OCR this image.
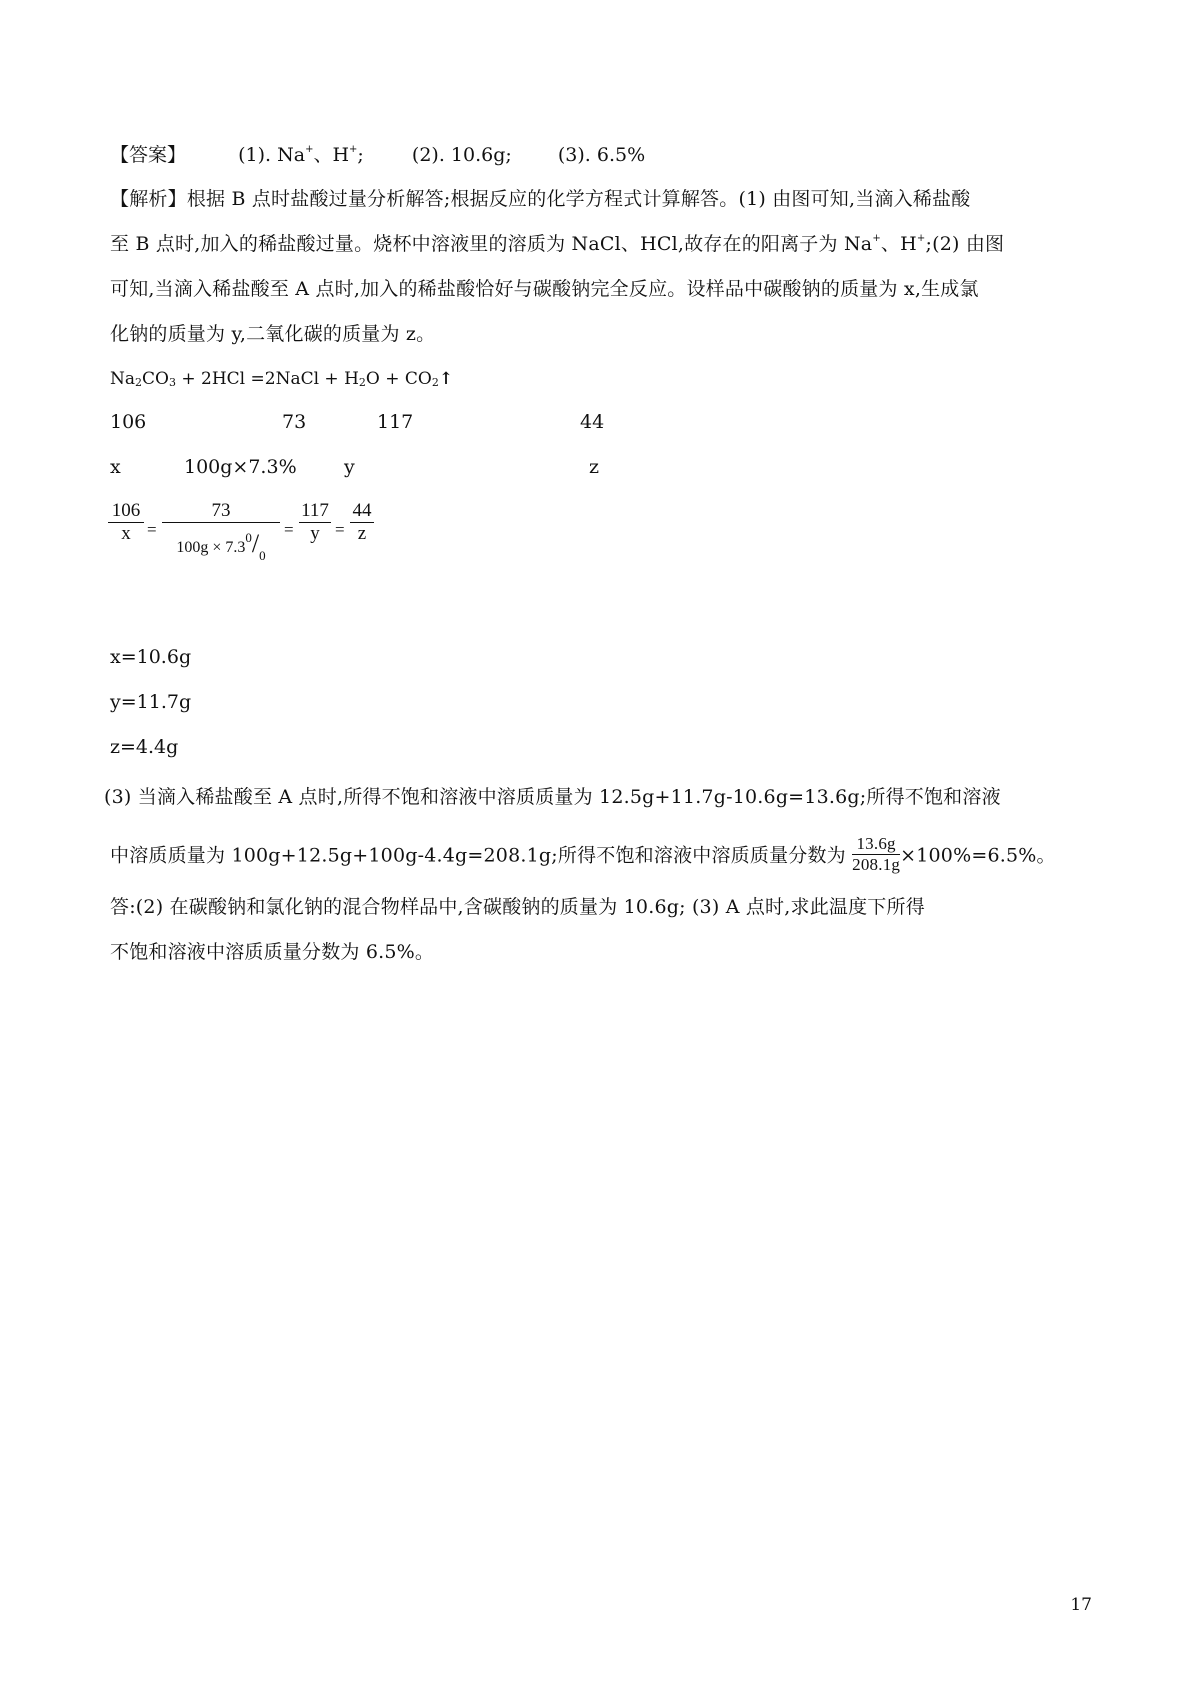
【答案】	(1). Na+、H+;	(2). 10.6g; (3). 6.5%
【解析】根据 B 点时盐酸过量分析解答;根据反应的化学方程式计算解答。(1) 由图可知,当滴入稀盐酸
至 B 点时,加入的稀盐酸过量。烧杯中溶液里的溶质为 NaCl、HCl,故存在的阳离子为 Na+、H+;(2) 由图
可知,当滴入稀盐酸至 A 点时,加入的稀盐酸恰好与碳酸钠完全反应。设样品中碳酸钠的质量为 x,生成氯
化钠的质量为 y,二氧化碳的质量为 z。
$Na_2CO_3 + 2HCl$ =2NaCl + $H_2O$ + $CO_2↑$
106	73	117	44
x	100g×7.3% y	z
106
x =
73
$100g \times 7.3^0/_0$
=
117
y =
44
z
x=10.6g
y=11.7g
z=4.4g
(3) 当滴入稀盐酸至 A 点时,所得不饱和溶液中溶质质量为 12.5g+11.7g-10.6g=13.6g;所得不饱和溶液
中溶质质量为 100g+12.5g+100g-4.4g=208.1g;所得不饱和溶液中溶质质量分数为 $\frac{13.6g}{208.1g} \times 100\%=6.5\%$。
答:(2) 在碳酸钠和氯化钠的混合物样品中,含碳酸钠的质量为 10.6g; (3) A 点时,求此温度下所得
不饱和溶液中溶质质量分数为 6.5%。
17
